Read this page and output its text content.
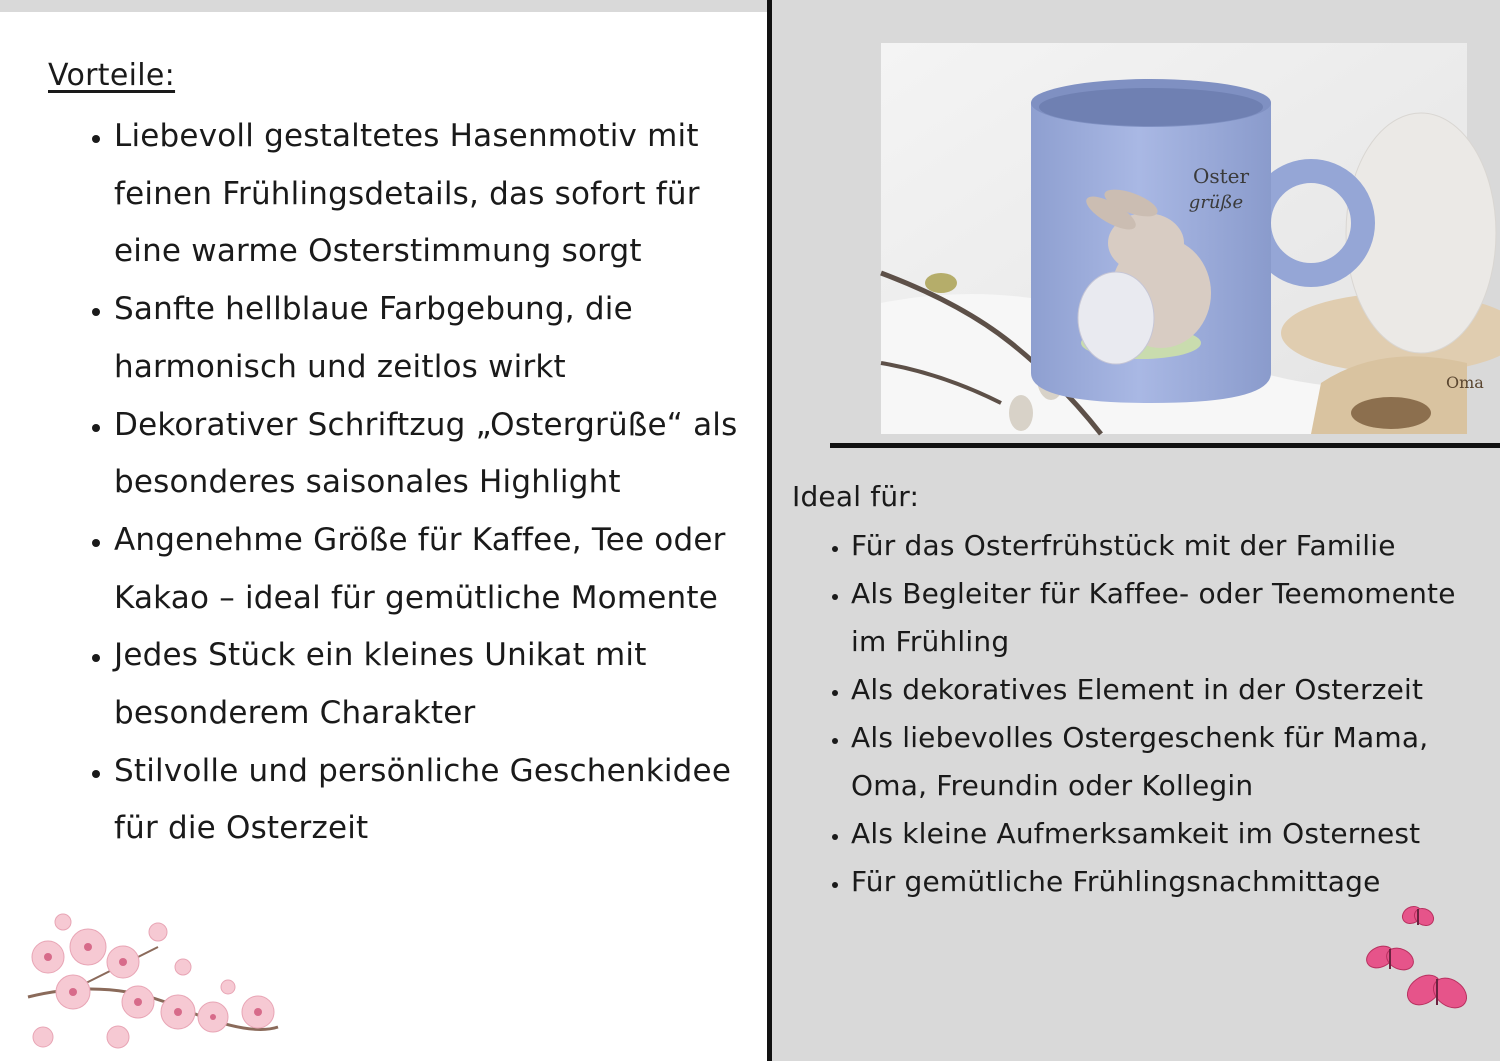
Vorteile:
• Liebevoll gestaltetes Hasenmotiv mit feinen Frühlingsdetails, das sofort für eine warme Osterstimmung sorgt
• Sanfte hellblaue Farbgebung, die harmonisch und zeitlos wirkt
• Dekorativer Schriftzug „Ostergrüße“ als besonderes saisonales Highlight
• Angenehme Größe für Kaffee, Tee oder Kakao – ideal für gemütliche Momente
• Jedes Stück ein kleines Unikat mit besonderem Charakter
• Stilvolle und persönliche Geschenkidee für die Osterzeit
Oster
grüße
Oma
Ideal für:
• Für das Osterfrühstück mit der Familie
• Als Begleiter für Kaffee- oder Teemomente im Frühling
• Als dekoratives Element in der Osterzeit
• Als liebevolles Ostergeschenk für Mama, Oma, Freundin oder Kollegin
• Als kleine Aufmerksamkeit im Osternest
• Für gemütliche Frühlingsnachmittage
